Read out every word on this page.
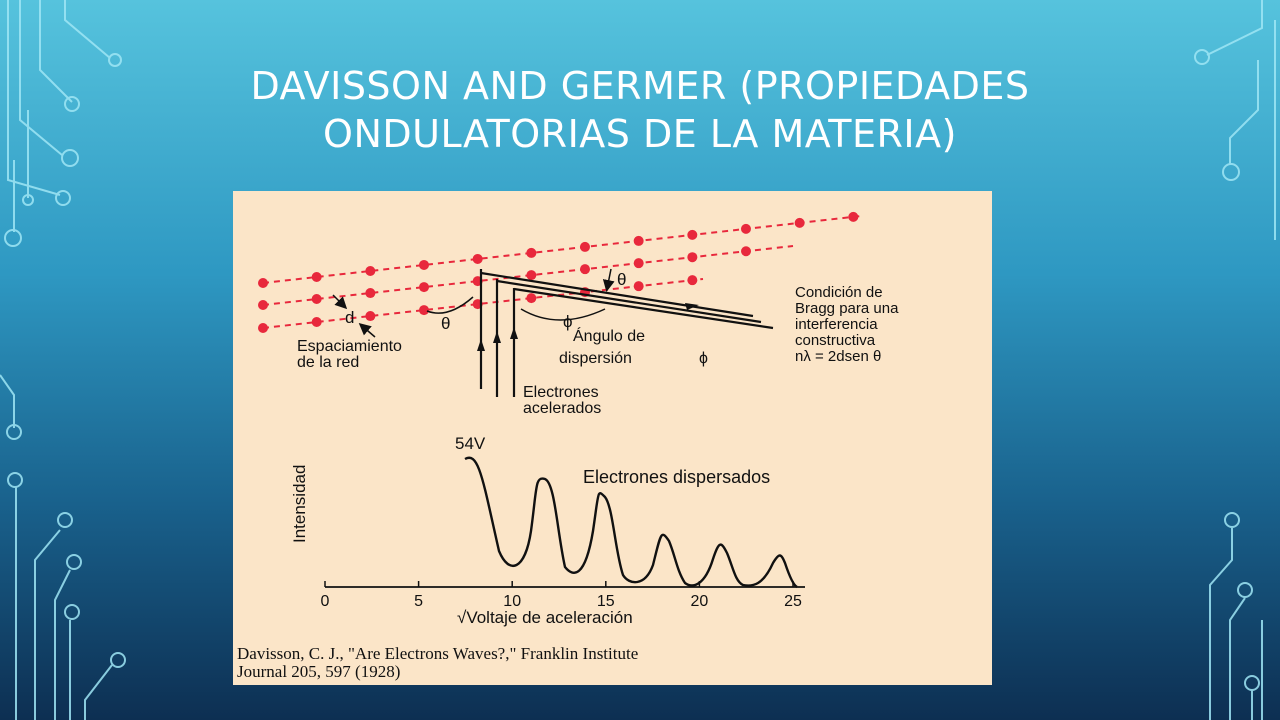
DAVISSON AND GERMER (PROPIEDADES
ONDULATORIAS DE LA MATERIA)
d	θ	ϕ
θ
Espaciamiento
de la red
Ángulo de
dispersión	ϕ
Electrones
acelerados
Condición de
Bragg para una
interferencia
constructiva
nλ = 2dsen θ
0	5	10	15	20	25
54V
Electrones dispersados
Intensidad
√Voltaje de aceleración
Davisson, C. J., "Are Electrons Waves?," Franklin Institute
Journal 205, 597 (1928)
